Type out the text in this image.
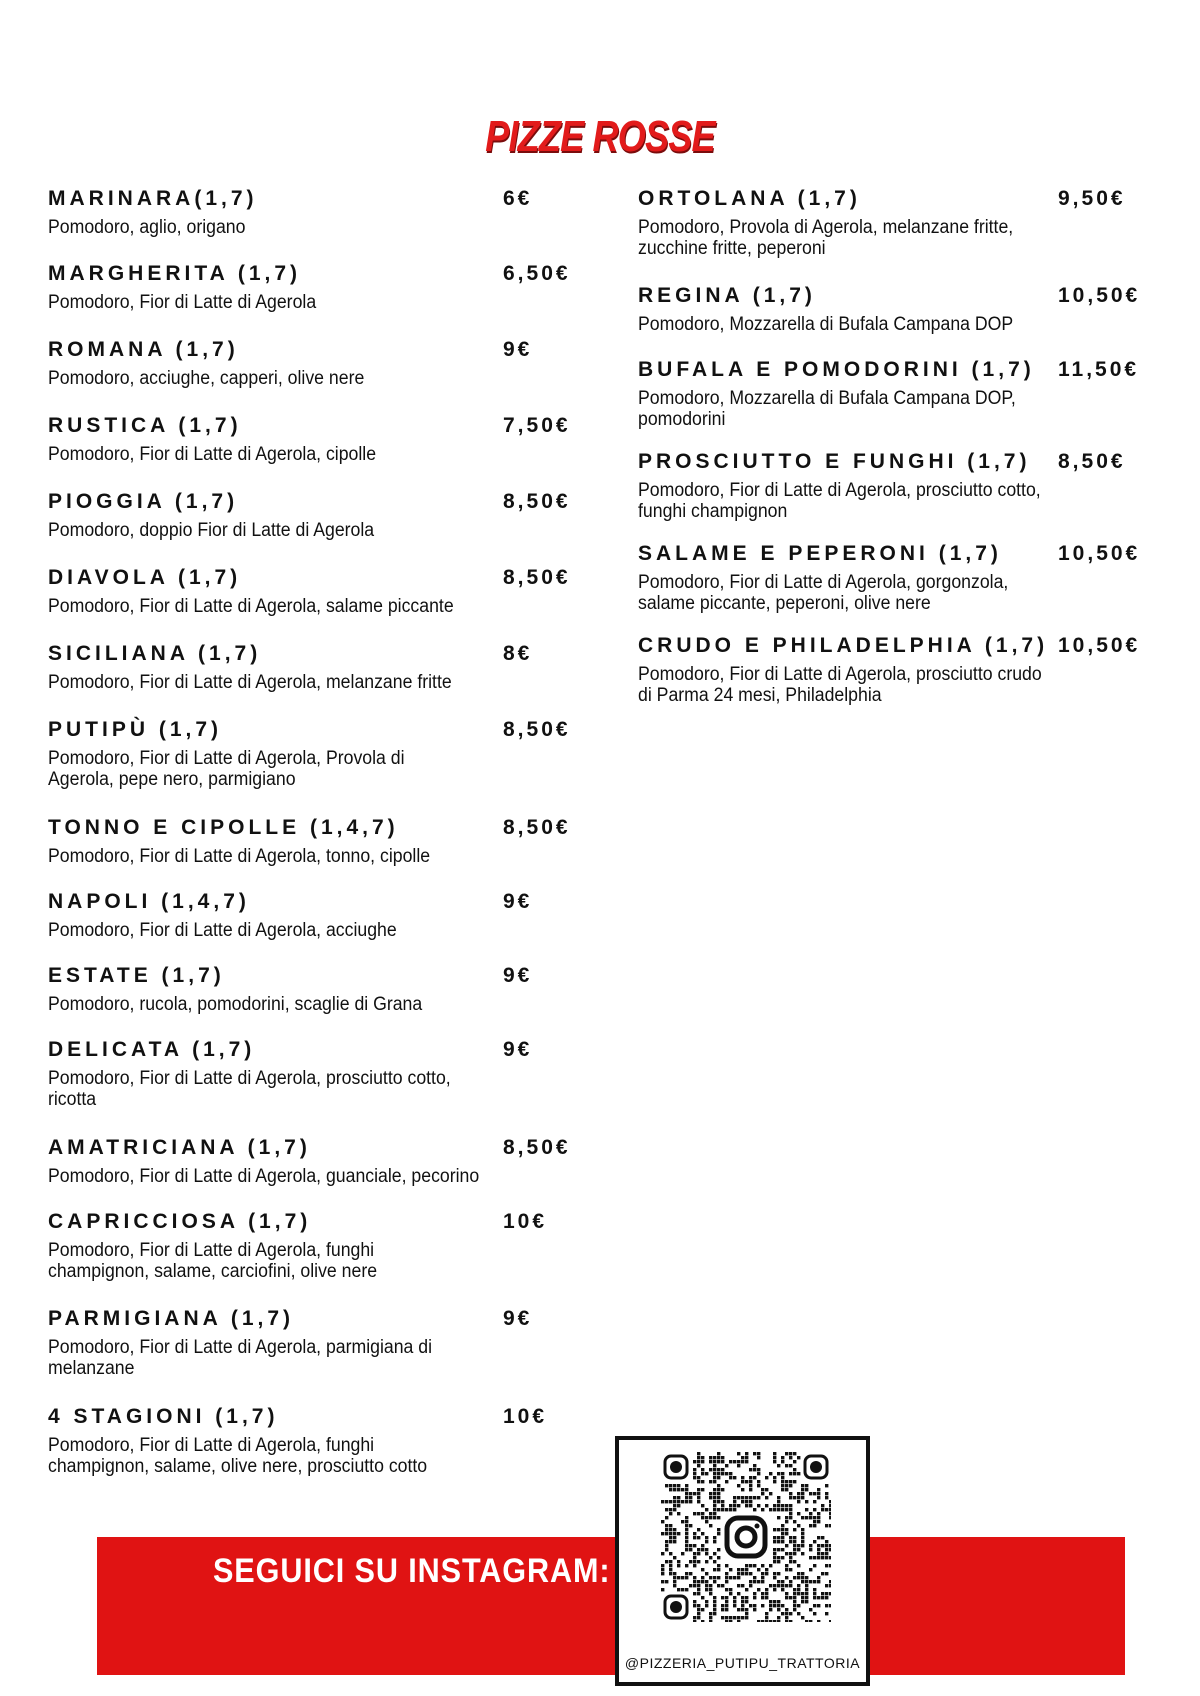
PIZZE ROSSE
MARINARA(1,7)	6€
Pomodoro, aglio, origano
MARGHERITA (1,7)	6,50€
Pomodoro, Fior di Latte di Agerola
ROMANA (1,7)	9€
Pomodoro, acciughe, capperi, olive nere
RUSTICA (1,7)	7,50€
Pomodoro, Fior di Latte di Agerola, cipolle
PIOGGIA (1,7)	8,50€
Pomodoro, doppio Fior di Latte di Agerola
DIAVOLA (1,7)	8,50€
Pomodoro, Fior di Latte di Agerola, salame piccante
SICILIANA (1,7)	8€
Pomodoro, Fior di Latte di Agerola, melanzane fritte
PUTIPÙ (1,7)	8,50€
Pomodoro, Fior di Latte di Agerola, Provola di
Agerola, pepe nero, parmigiano
TONNO E CIPOLLE (1,4,7)	8,50€
Pomodoro, Fior di Latte di Agerola, tonno, cipolle
NAPOLI (1,4,7)	9€
Pomodoro, Fior di Latte di Agerola, acciughe
ESTATE (1,7)	9€
Pomodoro, rucola, pomodorini, scaglie di Grana
DELICATA (1,7)	9€
Pomodoro, Fior di Latte di Agerola, prosciutto cotto,
ricotta
AMATRICIANA (1,7)	8,50€
Pomodoro, Fior di Latte di Agerola, guanciale, pecorino
CAPRICCIOSA (1,7)	10€
Pomodoro, Fior di Latte di Agerola, funghi
champignon, salame, carciofini, olive nere
PARMIGIANA (1,7)	9€
Pomodoro, Fior di Latte di Agerola, parmigiana di
melanzane
4 STAGIONI (1,7)	10€
Pomodoro, Fior di Latte di Agerola, funghi
champignon, salame, olive nere, prosciutto cotto
ORTOLANA (1,7)	9,50€
Pomodoro, Provola di Agerola, melanzane fritte,
zucchine fritte, peperoni
REGINA (1,7)	10,50€
Pomodoro, Mozzarella di Bufala Campana DOP
BUFALA E POMODORINI (1,7)	11,50€
Pomodoro, Mozzarella di Bufala Campana DOP,
pomodorini
PROSCIUTTO E FUNGHI (1,7)	8,50€
Pomodoro, Fior di Latte di Agerola, prosciutto cotto,
funghi champignon
SALAME E PEPERONI (1,7)	10,50€
Pomodoro, Fior di Latte di Agerola, gorgonzola,
salame piccante, peperoni, olive nere
CRUDO E PHILADELPHIA (1,7) 10,50€
Pomodoro, Fior di Latte di Agerola, prosciutto crudo
di Parma 24 mesi, Philadelphia
SEGUICI SU INSTAGRAM:
@PIZZERIA_PUTIPU_TRATTORIA
